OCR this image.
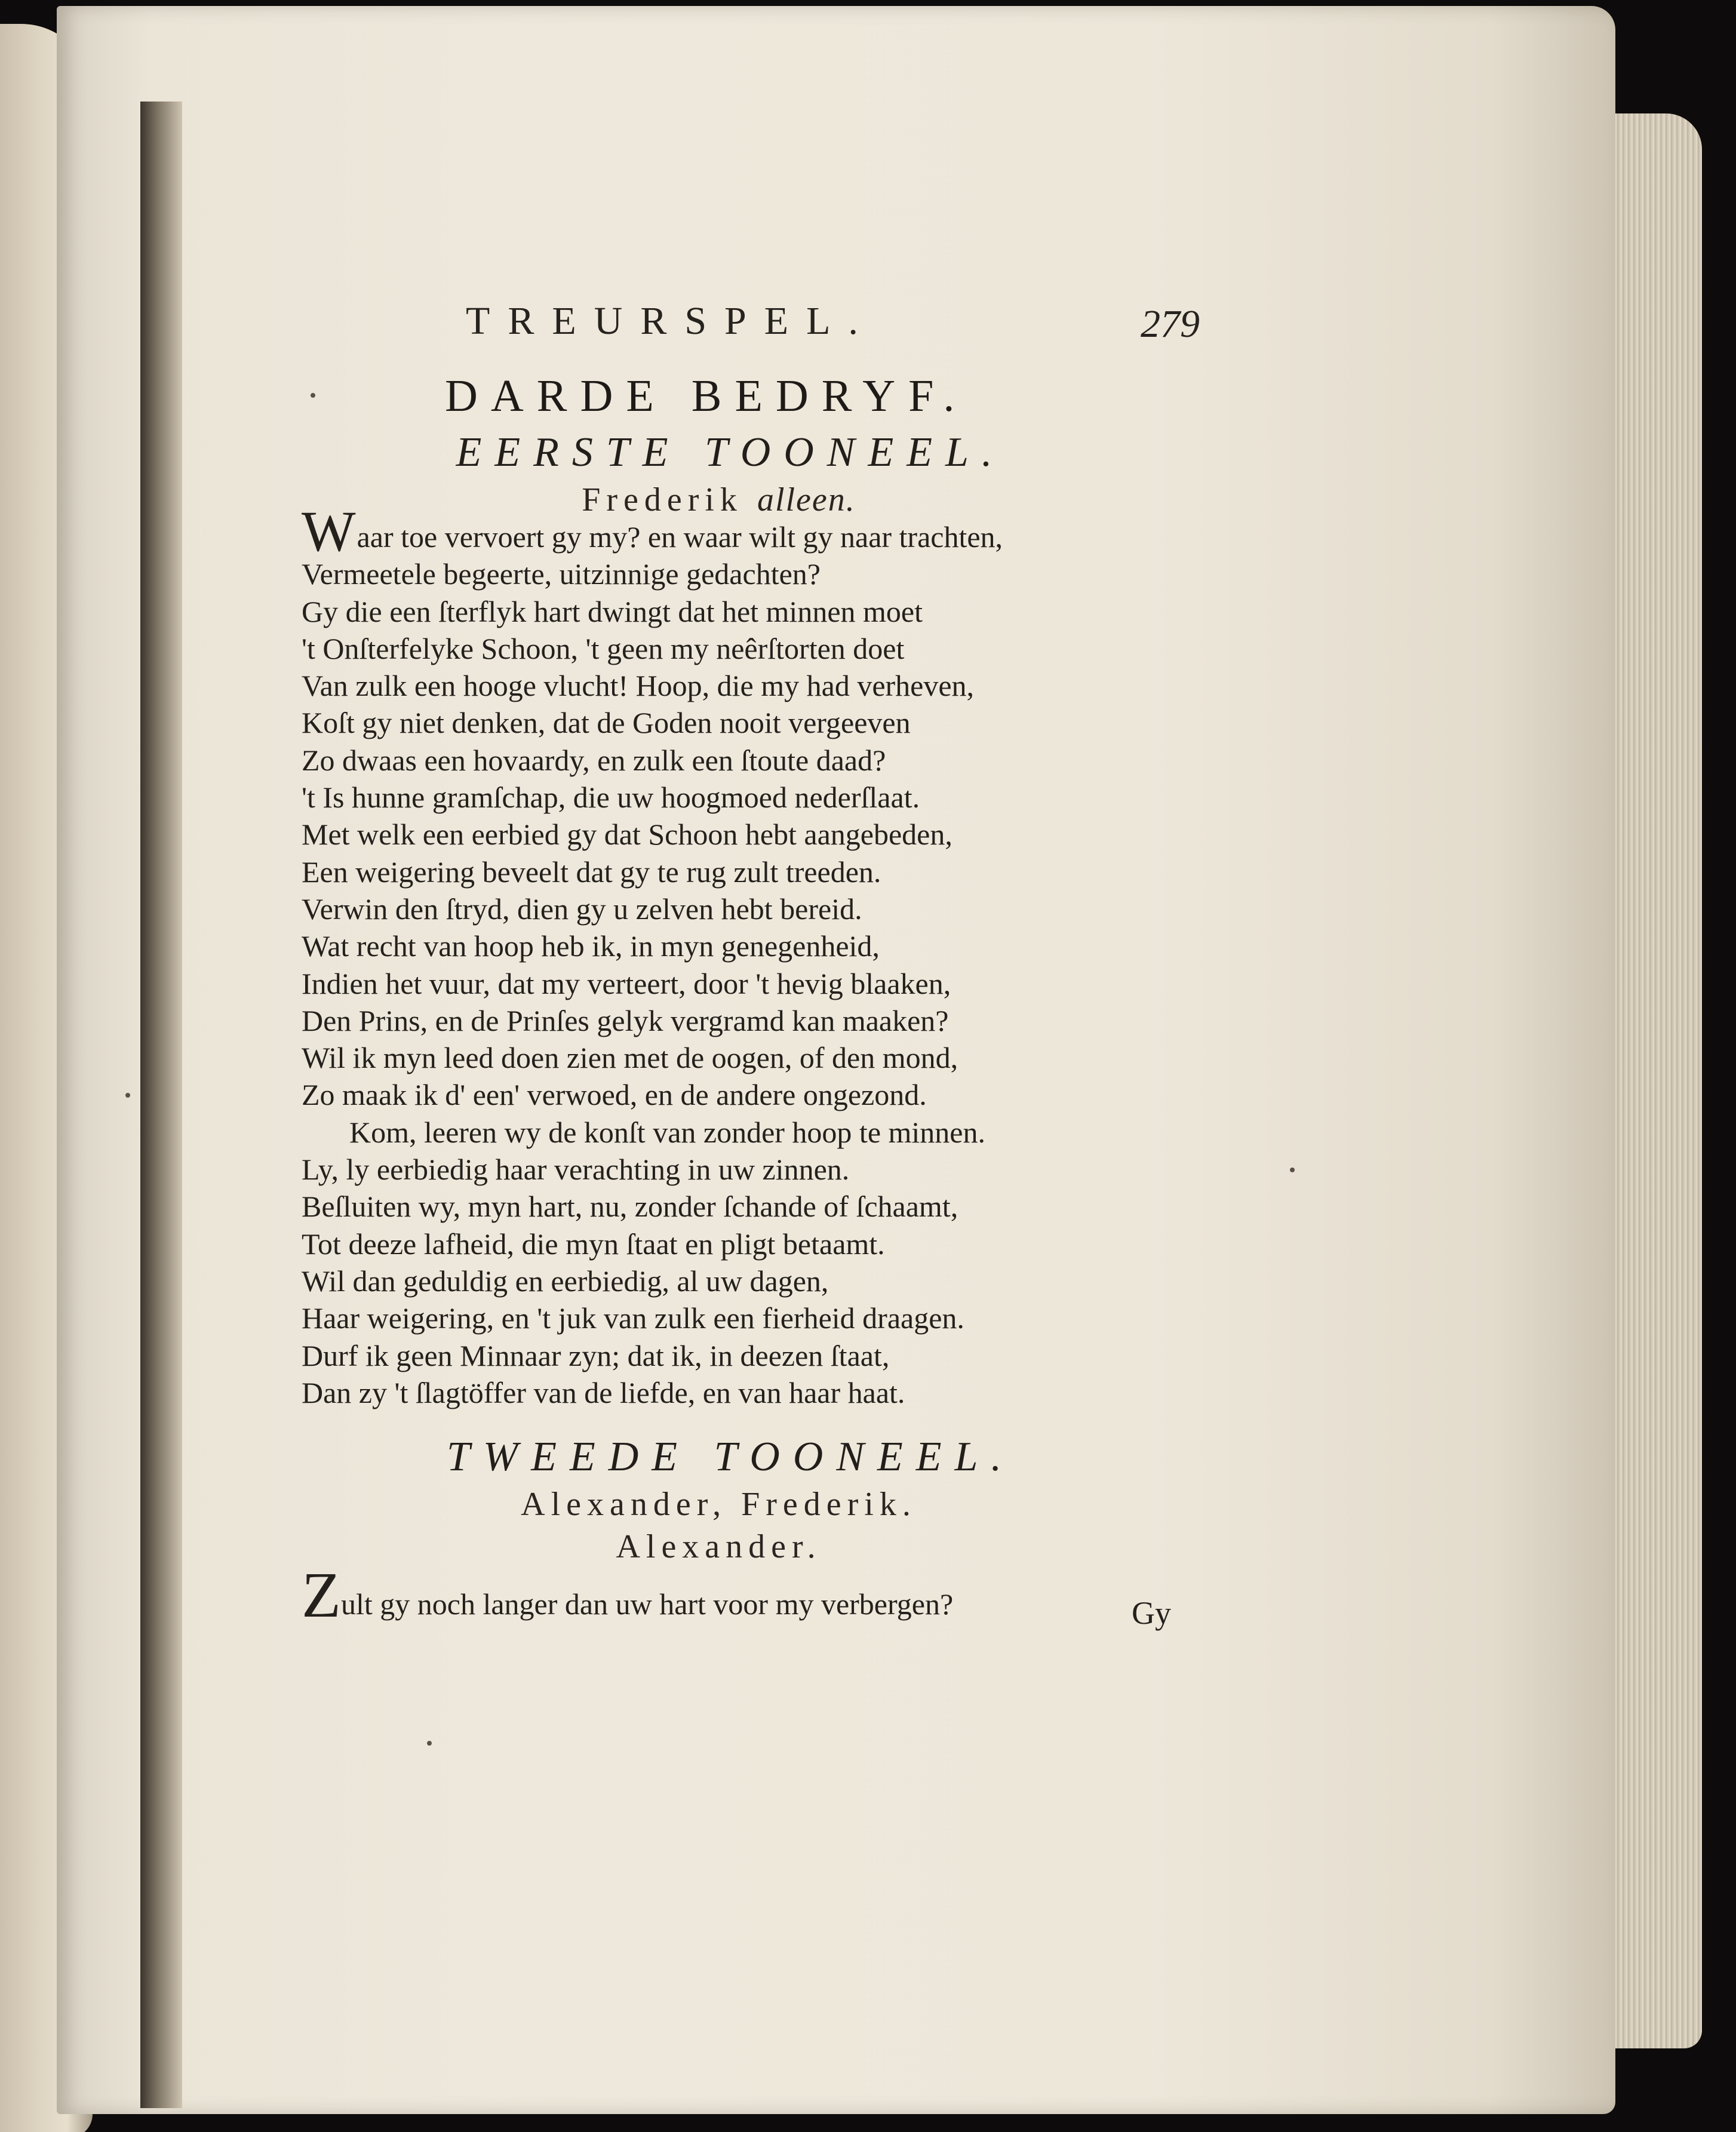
TREURSPEL.	279
DARDE BEDRYF.
EERSTE TOONEEL.
Frederik alleen.
Waar toe vervoert gy my? en waar wilt gy naar trachten,
Vermeetele begeerte, uitzinnige gedachten?
Gy die een ſterflyk hart dwingt dat het minnen moet
't Onſterfelyke Schoon, 't geen my neêrſtorten doet
Van zulk een hooge vlucht! Hoop, die my had verheven,
Koſt gy niet denken, dat de Goden nooit vergeeven
Zo dwaas een hovaardy, en zulk een ſtoute daad?
't Is hunne gramſchap, die uw hoogmoed nederſlaat.
Met welk een eerbied gy dat Schoon hebt aangebeden,
Een weigering beveelt dat gy te rug zult treeden.
Verwin den ſtryd, dien gy u zelven hebt bereid.
Wat recht van hoop heb ik, in myn genegenheid,
Indien het vuur, dat my verteert, door 't hevig blaaken,
Den Prins, en de Prinſes gelyk vergramd kan maaken?
Wil ik myn leed doen zien met de oogen, of den mond,
Zo maak ik d' een' verwoed, en de andere ongezond.
Kom, leeren wy de konſt van zonder hoop te minnen.
Ly, ly eerbiedig haar verachting in uw zinnen.
Beſluiten wy, myn hart, nu, zonder ſchande of ſchaamt,
Tot deeze lafheid, die myn ſtaat en pligt betaamt.
Wil dan geduldig en eerbiedig, al uw dagen,
Haar weigering, en 't juk van zulk een fierheid draagen.
Durf ik geen Minnaar zyn; dat ik, in deezen ſtaat,
Dan zy 't ſlagtöffer van de liefde, en van haar haat.
TWEEDE TOONEEL.
Alexander, Frederik.
Alexander.
Zult gy noch langer dan uw hart voor my verbergen?	Gy
